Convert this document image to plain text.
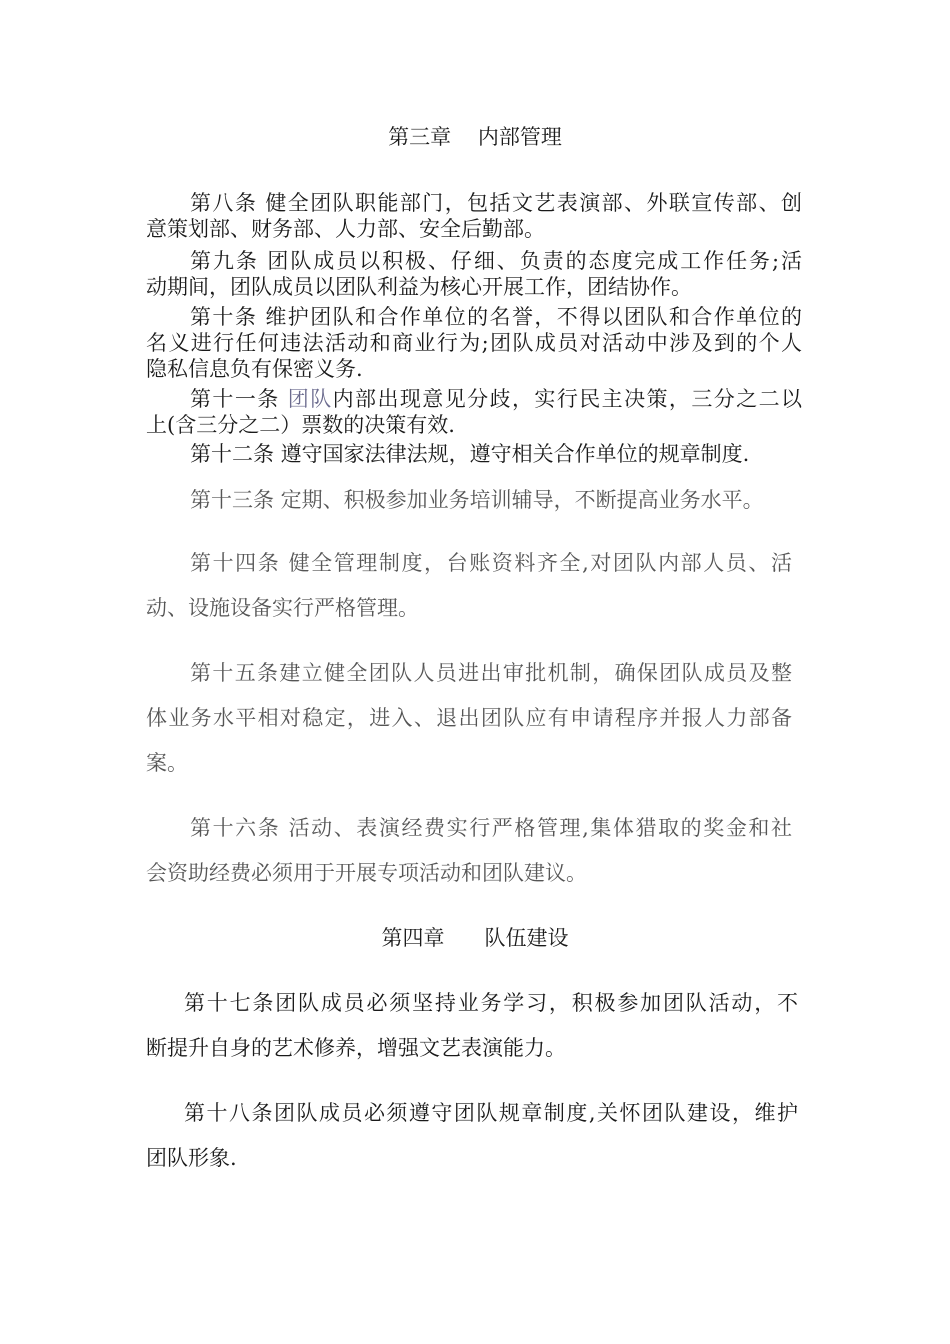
第三章    内部管理
第八条 健全团队职能部门，包括文艺表演部、外联宣传部、创
意策划部、财务部、人力部、安全后勤部。
第九条 团队成员以积极、仔细、负责的态度完成工作任务;活
动期间，团队成员以团队利益为核心开展工作，团结协作。
第十条 维护团队和合作单位的名誉，不得以团队和合作单位的
名义进行任何违法活动和商业行为;团队成员对活动中涉及到的个人
隐私信息负有保密义务.
第十一条 团队内部出现意见分歧，实行民主决策，三分之二以
上(含三分之二）票数的决策有效.
第十二条 遵守国家法律法规，遵守相关合作单位的规章制度.
第十三条 定期、积极参加业务培训辅导，不断提高业务水平。
第十四条 健全管理制度，台账资料齐全,对团队内部人员、活
动、设施设备实行严格管理。
第十五条建立健全团队人员进出审批机制，确保团队成员及整
体业务水平相对稳定，进入、退出团队应有申请程序并报人力部备
案。
第十六条 活动、表演经费实行严格管理,集体猎取的奖金和社
会资助经费必须用于开展专项活动和团队建议。
第四章      队伍建设
第十七条团队成员必须坚持业务学习，积极参加团队活动，不
断提升自身的艺术修养，增强文艺表演能力。
第十八条团队成员必须遵守团队规章制度,关怀团队建设，维护
团队形象.
